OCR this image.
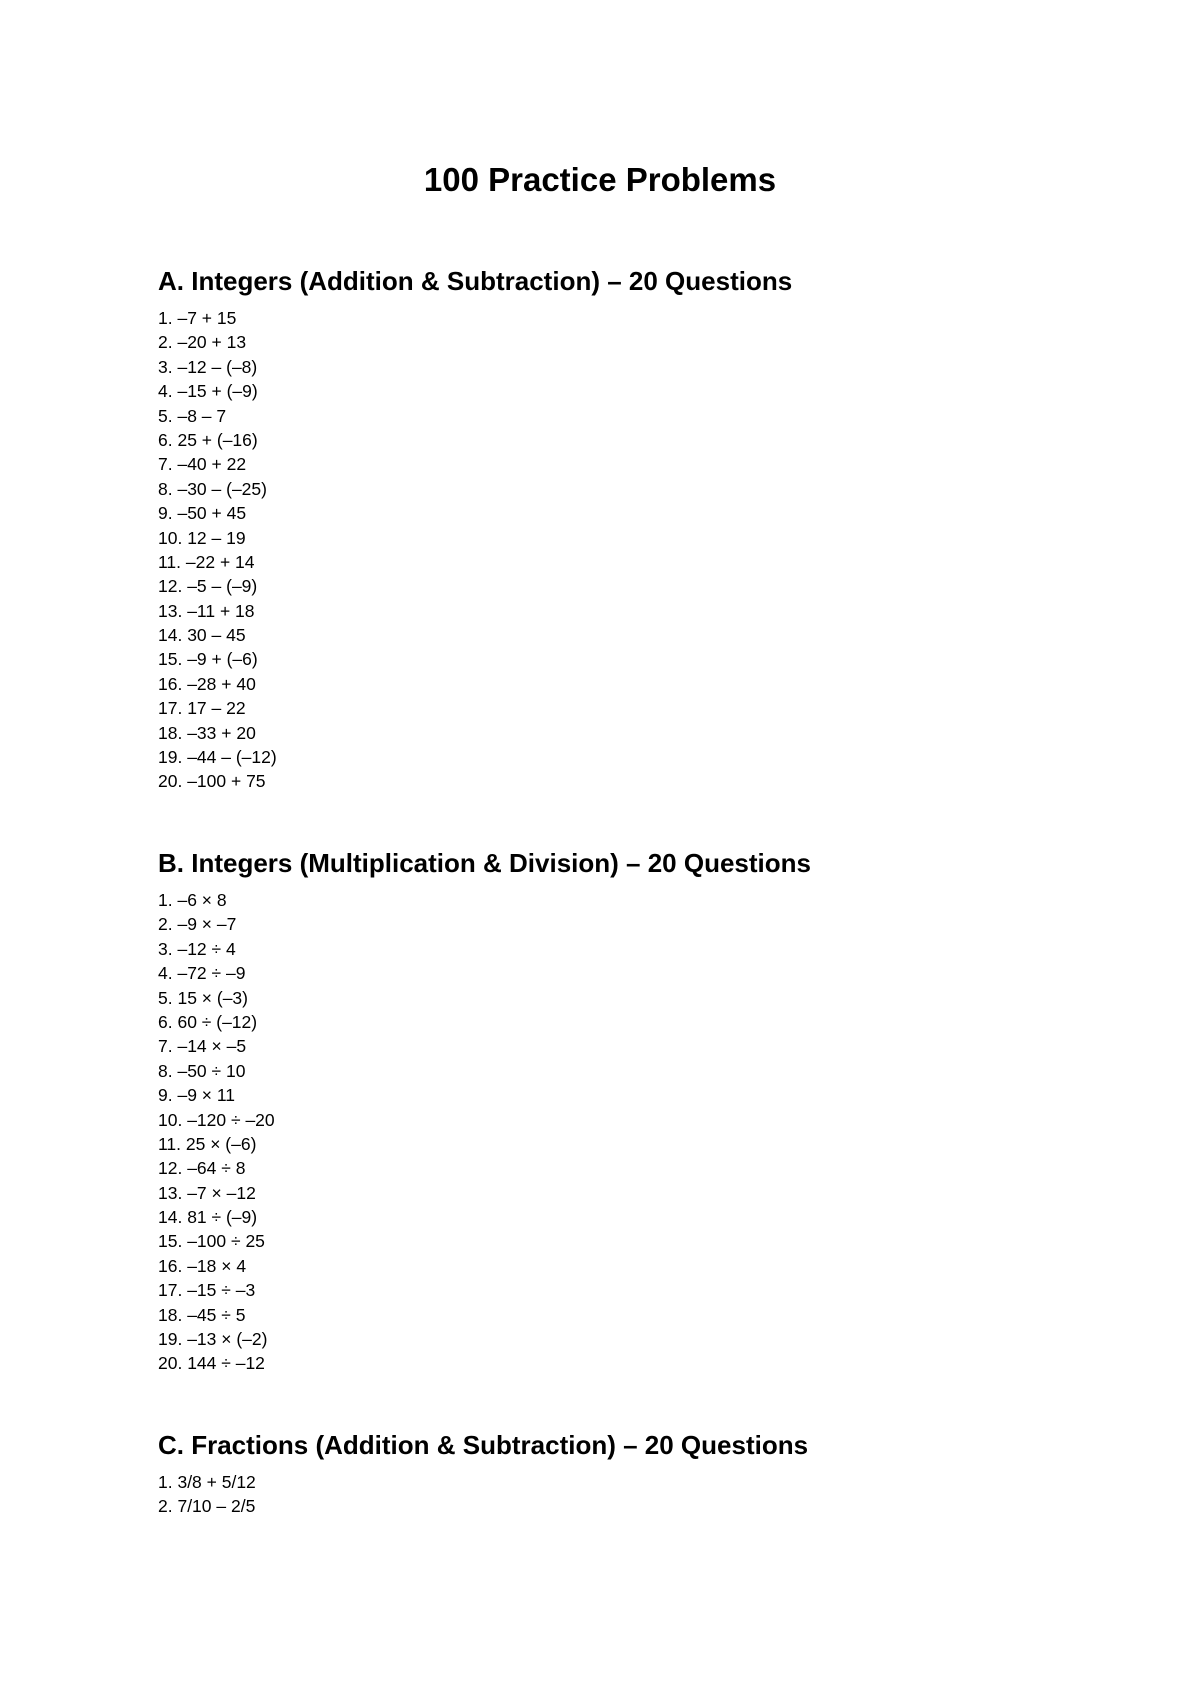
100 Practice Problems
A. Integers (Addition & Subtraction) – 20 Questions
1. –7 + 15
2. –20 + 13
3. –12 – (–8)
4. –15 + (–9)
5. –8 – 7
6. 25 + (–16)
7. –40 + 22
8. –30 – (–25)
9. –50 + 45
10. 12 – 19
11. –22 + 14
12. –5 – (–9)
13. –11 + 18
14. 30 – 45
15. –9 + (–6)
16. –28 + 40
17. 17 – 22
18. –33 + 20
19. –44 – (–12)
20. –100 + 75
B. Integers (Multiplication & Division) – 20 Questions
1. –6 × 8
2. –9 × –7
3. –12 ÷ 4
4. –72 ÷ –9
5. 15 × (–3)
6. 60 ÷ (–12)
7. –14 × –5
8. –50 ÷ 10
9. –9 × 11
10. –120 ÷ –20
11. 25 × (–6)
12. –64 ÷ 8
13. –7 × –12
14. 81 ÷ (–9)
15. –100 ÷ 25
16. –18 × 4
17. –15 ÷ –3
18. –45 ÷ 5
19. –13 × (–2)
20. 144 ÷ –12
C. Fractions (Addition & Subtraction) – 20 Questions
1. 3/8 + 5/12
2. 7/10 – 2/5
